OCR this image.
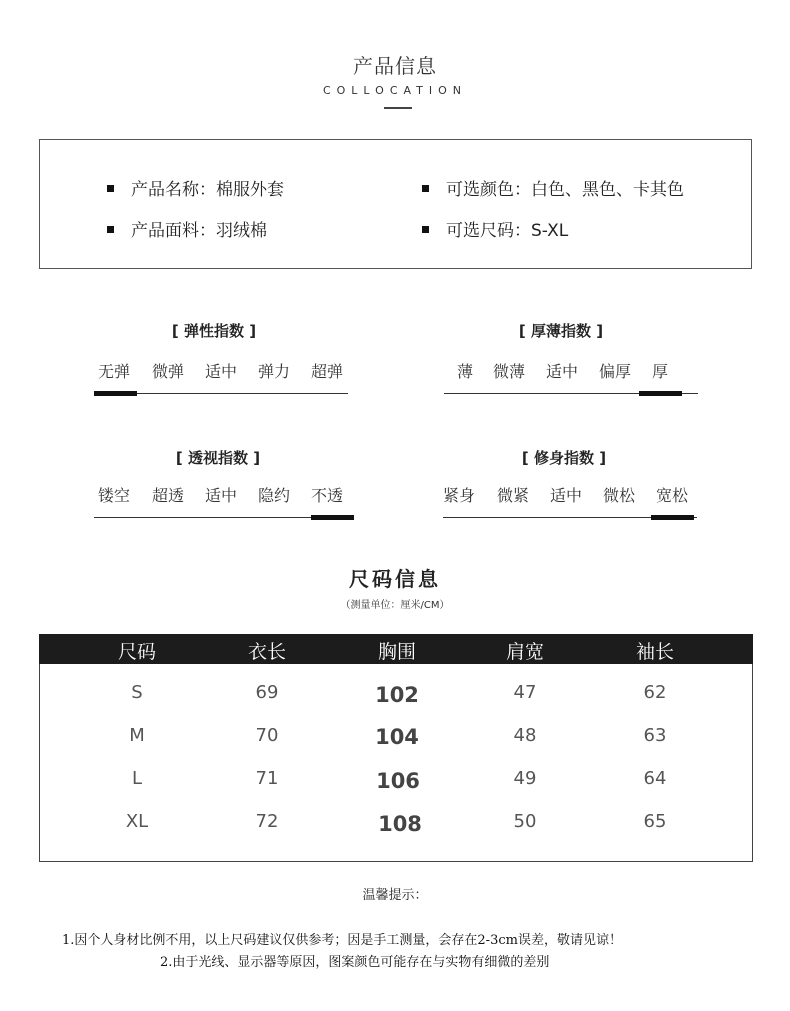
产品信息
COLLOCATION
产品名称：棉服外套	可选颜色：白色、黑色、卡其色
产品面料：羽绒棉	可选尺码：S-XL
[ 弹性指数 ]
无弹 微弹 适中 弹力 超弹
[ 厚薄指数 ]
薄 微薄 适中 偏厚 厚
[ 透视指数 ]
镂空 超透 适中 隐约 不透
[ 修身指数 ]
紧身 微紧 适中 微松 宽松
尺码信息
（测量单位：厘米/CM）
尺码	衣长	胸围	肩宽	袖长
S	69	102	47	62
M	70	104	48	63
L	71	106	49	64
XL	72	108	50	65
温馨提示：
1.因个人身材比例不用，以上尺码建议仅供参考；因是手工测量，会存在2-3cm误差，敬请见谅！
2.由于光线、显示器等原因，图案颜色可能存在与实物有细微的差别
